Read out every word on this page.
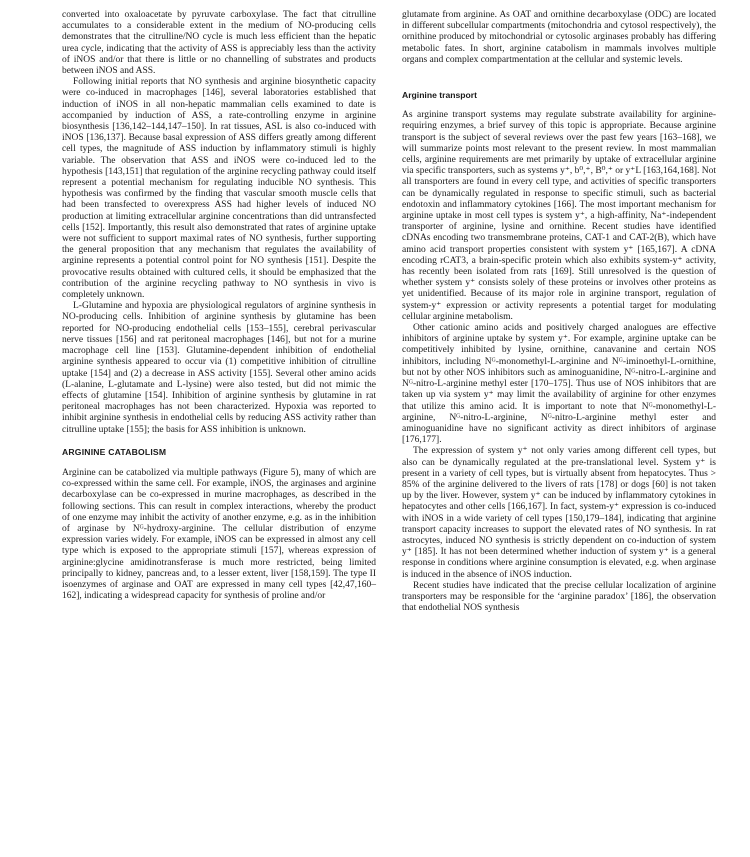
converted into oxaloacetate by pyruvate carboxylase. The fact that citrulline accumulates to a considerable extent in the medium of NO-producing cells demonstrates that the citrulline/NO cycle is much less efficient than the hepatic urea cycle, indicating that the activity of ASS is appreciably less than the activity of iNOS and/or that there is little or no channelling of substrates and products between iNOS and ASS.

Following initial reports that NO synthesis and arginine biosynthetic capacity were co-induced in macrophages [146], several laboratories established that induction of iNOS in all non-hepatic mammalian cells examined to date is accompanied by induction of ASS, a rate-controlling enzyme in arginine biosynthesis [136,142–144,147–150]. In rat tissues, ASL is also co-induced with iNOS [136,137]. Because basal expression of ASS differs greatly among different cell types, the magnitude of ASS induction by inflammatory stimuli is highly variable. The observation that ASS and iNOS were co-induced led to the hypothesis [143,151] that regulation of the arginine recycling pathway could itself represent a potential mechanism for regulating inducible NO synthesis. This hypothesis was confirmed by the finding that vascular smooth muscle cells that had been transfected to overexpress ASS had higher levels of induced NO production at limiting extracellular arginine concentrations than did untransfected cells [152]. Importantly, this result also demonstrated that rates of arginine uptake were not sufficient to support maximal rates of NO synthesis, further supporting the general proposition that any mechanism that regulates the availability of arginine represents a potential control point for NO synthesis [151]. Despite the provocative results obtained with cultured cells, it should be emphasized that the contribution of the arginine recycling pathway to NO synthesis in vivo is completely unknown.

L-Glutamine and hypoxia are physiological regulators of arginine synthesis in NO-producing cells. Inhibition of arginine synthesis by glutamine has been reported for NO-producing endothelial cells [153–155], cerebral perivascular nerve tissues [156] and rat peritoneal macrophages [146], but not for a murine macrophage cell line [153]. Glutamine-dependent inhibition of endothelial arginine synthesis appeared to occur via (1) competitive inhibition of citrulline uptake [154] and (2) a decrease in ASS activity [155]. Several other amino acids (L-alanine, L-glutamate and L-lysine) were also tested, but did not mimic the effects of glutamine [154]. Inhibition of arginine synthesis by glutamine in rat peritoneal macrophages has not been characterized. Hypoxia was reported to inhibit arginine synthesis in endothelial cells by reducing ASS activity rather than citrulline uptake [155]; the basis for ASS inhibition is unknown.

ARGININE CATABOLISM

Arginine can be catabolized via multiple pathways (Figure 5), many of which are co-expressed within the same cell. For example, iNOS, the arginases and arginine decarboxylase can be co-expressed in murine macrophages, as described in the following sections. This can result in complex interactions, whereby the product of one enzyme may inhibit the activity of another enzyme, e.g. as in the inhibition of arginase by Nᴳ-hydroxy-arginine. The cellular distribution of enzyme expression varies widely. For example, iNOS can be expressed in almost any cell type which is exposed to the appropriate stimuli [157], whereas expression of arginine:glycine amidinotransferase is much more restricted, being limited principally to kidney, pancreas and, to a lesser extent, liver [158,159]. The type II isoenzymes of arginase and OAT are expressed in many cell types [42,47,160–162], indicating a widespread capacity for synthesis of proline and/or

glutamate from arginine. As OAT and ornithine decarboxylase (ODC) are located in different subcellular compartments (mitochondria and cytosol respectively), the ornithine produced by mitochondrial or cytosolic arginases probably has differing metabolic fates. In short, arginine catabolism in mammals involves multiple organs and complex compartmentation at the cellular and systemic levels.

Arginine transport

As arginine transport systems may regulate substrate availability for arginine-requiring enzymes, a brief survey of this topic is appropriate. Because arginine transport is the subject of several reviews over the past few years [163–168], we will summarize points most relevant to the present review. In most mammalian cells, arginine requirements are met primarily by uptake of extracellular arginine via specific transporters, such as systems y⁺, b⁰,⁺, B⁰,⁺ or y⁺L [163,164,168]. Not all transporters are found in every cell type, and activities of specific transporters can be dynamically regulated in response to specific stimuli, such as bacterial endotoxin and inflammatory cytokines [166]. The most important mechanism for arginine uptake in most cell types is system y⁺, a high-affinity, Na⁺-independent transporter of arginine, lysine and ornithine. Recent studies have identified cDNAs encoding two transmembrane proteins, CAT-1 and CAT-2(B), which have amino acid transport properties consistent with system y⁺ [165,167]. A cDNA encoding rCAT3, a brain-specific protein which also exhibits system-y⁺ activity, has recently been isolated from rats [169]. Still unresolved is the question of whether system y⁺ consists solely of these proteins or involves other proteins as yet unidentified. Because of its major role in arginine transport, regulation of system-y⁺ expression or activity represents a potential target for modulating cellular arginine metabolism.

Other cationic amino acids and positively charged analogues are effective inhibitors of arginine uptake by system y⁺. For example, arginine uptake can be competitively inhibited by lysine, ornithine, canavanine and certain NOS inhibitors, including Nᴳ-monomethyl-L-arginine and Nᴳ-iminoethyl-L-ornithine, but not by other NOS inhibitors such as aminoguanidine, Nᴳ-nitro-L-arginine and Nᴳ-nitro-L-arginine methyl ester [170–175]. Thus use of NOS inhibitors that are taken up via system y⁺ may limit the availability of arginine for other enzymes that utilize this amino acid. It is important to note that Nᴳ-monomethyl-L-arginine, Nᴳ-nitro-L-arginine, Nᴳ-nitro-L-arginine methyl ester and aminoguanidine have no significant activity as direct inhibitors of arginase [176,177].

The expression of system y⁺ not only varies among different cell types, but also can be dynamically regulated at the pre-translational level. System y⁺ is present in a variety of cell types, but is virtually absent from hepatocytes. Thus > 85% of the arginine delivered to the livers of rats [178] or dogs [60] is not taken up by the liver. However, system y⁺ can be induced by inflammatory cytokines in hepatocytes and other cells [166,167]. In fact, system-y⁺ expression is co-induced with iNOS in a wide variety of cell types [150,179–184], indicating that arginine transport capacity increases to support the elevated rates of NO synthesis. In rat astrocytes, induced NO synthesis is strictly dependent on co-induction of system y⁺ [185]. It has not been determined whether induction of system y⁺ is a general response in conditions where arginine consumption is elevated, e.g. when arginase is induced in the absence of iNOS induction.

Recent studies have indicated that the precise cellular localization of arginine transporters may be responsible for the ‘arginine paradox’ [186], the observation that endothelial NOS synthesis
